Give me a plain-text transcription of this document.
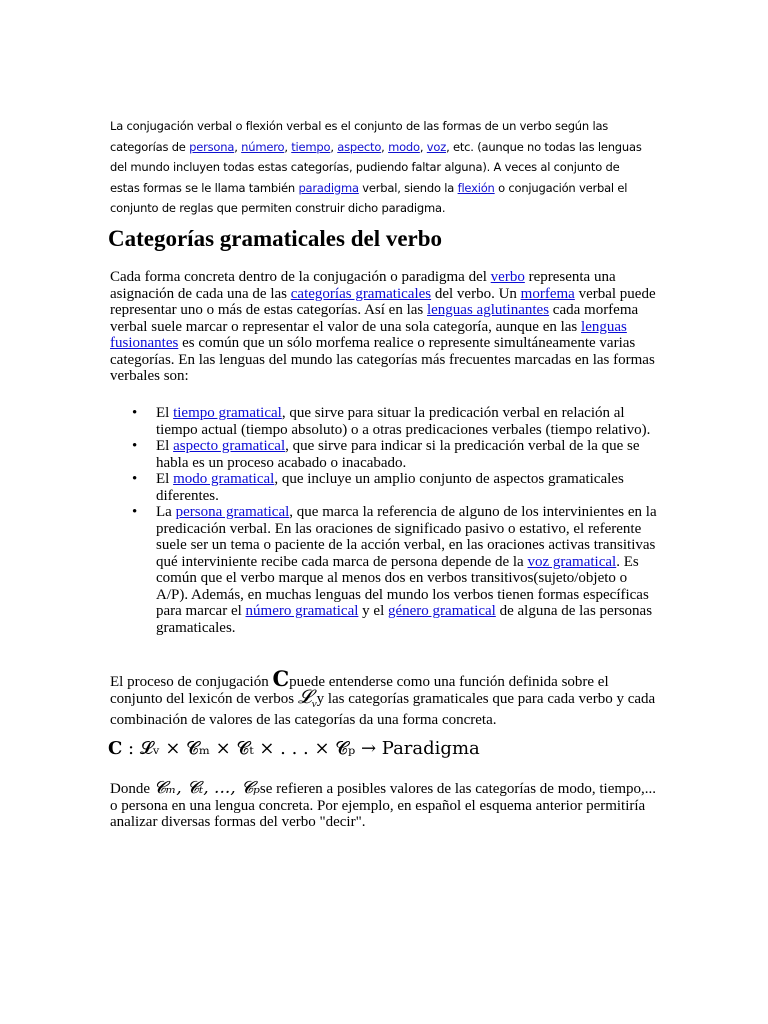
La conjugación verbal o flexión verbal es el conjunto de las formas de un verbo según las categorías de persona, número, tiempo, aspecto, modo, voz, etc. (aunque no todas las lenguas del mundo incluyen todas estas categorías, pudiendo faltar alguna). A veces al conjunto de estas formas se le llama también paradigma verbal, siendo la flexión o conjugación verbal el conjunto de reglas que permiten construir dicho paradigma.
Categorías gramaticales del verbo
Cada forma concreta dentro de la conjugación o paradigma del verbo representa una asignación de cada una de las categorías gramaticales del verbo. Un morfema verbal puede representar uno o más de estas categorías. Así en las lenguas aglutinantes cada morfema verbal suele marcar o representar el valor de una sola categoría, aunque en las lenguas fusionantes es común que un sólo morfema realice o represente simultáneamente varias categorías. En las lenguas del mundo las categorías más frecuentes marcadas en las formas verbales son:
• El tiempo gramatical, que sirve para situar la predicación verbal en relación al tiempo actual (tiempo absoluto) o a otras predicaciones verbales (tiempo relativo).
• El aspecto gramatical, que sirve para indicar si la predicación verbal de la que se habla es un proceso acabado o inacabado.
• El modo gramatical, que incluye un amplio conjunto de aspectos gramaticales diferentes.
• La persona gramatical, que marca la referencia de alguno de los intervinientes en la predicación verbal. En las oraciones de significado pasivo o estativo, el referente suele ser un tema o paciente de la acción verbal, en las oraciones activas transitivas qué interviniente recibe cada marca de persona depende de la voz gramatical. Es común que el verbo marque al menos dos en verbos transitivos(sujeto/objeto o A/P). Además, en muchas lenguas del mundo los verbos tienen formas específicas para marcar el número gramatical y el género gramatical de alguna de las personas gramaticales.
El proceso de conjugación Cpuede entenderse como una función definida sobre el conjunto del lexicón de verbos 𝓛$_v$y las categorías gramaticales que para cada verbo y cada combinación de valores de las categorías da una forma concreta.
C : 𝓛ᵥ × 𝓒ₘ × 𝓒ₜ × . . . × 𝓒ₚ → Paradigma
Donde 𝓒ₘ, 𝓒ₜ, ..., 𝓒ₚse refieren a posibles valores de las categorías de modo, tiempo,... o persona en una lengua concreta. Por ejemplo, en español el esquema anterior permitiría analizar diversas formas del verbo "decir".
